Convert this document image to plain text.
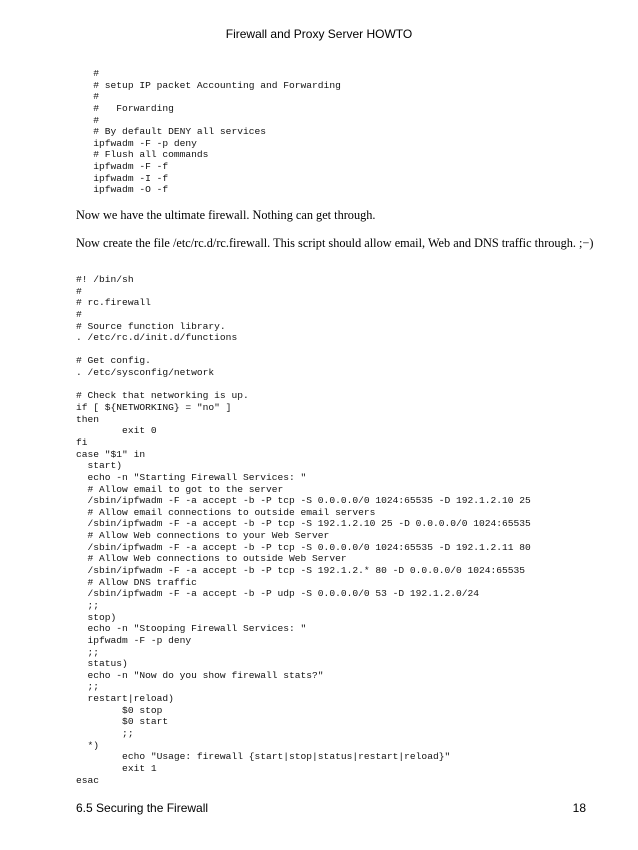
Firewall and Proxy Server HOWTO
#
# setup IP packet Accounting and Forwarding
#
#   Forwarding
#
# By default DENY all services
ipfwadm -F -p deny
# Flush all commands
ipfwadm -F -f
ipfwadm -I -f
ipfwadm -O -f

Now we have the ultimate firewall. Nothing can get through.

Now create the file /etc/rc.d/rc.firewall. This script should allow email, Web and DNS traffic through. ;−)

#! /bin/sh
#
# rc.firewall
#
# Source function library.
. /etc/rc.d/init.d/functions
# Get config.
. /etc/sysconfig/network
# Check that networking is up.
if [ ${NETWORKING} = "no" ]
then
exit 0
fi
case "$1" in
start)
echo -n "Starting Firewall Services: "
# Allow email to got to the server
/sbin/ipfwadm -F -a accept -b -P tcp -S 0.0.0.0/0 1024:65535 -D 192.1.2.10 25
# Allow email connections to outside email servers
/sbin/ipfwadm -F -a accept -b -P tcp -S 192.1.2.10 25 -D 0.0.0.0/0 1024:65535
# Allow Web connections to your Web Server
/sbin/ipfwadm -F -a accept -b -P tcp -S 0.0.0.0/0 1024:65535 -D 192.1.2.11 80
# Allow Web connections to outside Web Server
/sbin/ipfwadm -F -a accept -b -P tcp -S 192.1.2.* 80 -D 0.0.0.0/0 1024:65535
# Allow DNS traffic
/sbin/ipfwadm -F -a accept -b -P udp -S 0.0.0.0/0 53 -D 192.1.2.0/24
;;
stop)
echo -n "Stooping Firewall Services: "
ipfwadm -F -p deny
;;
status)
echo -n "Now do you show firewall stats?"
;;
restart|reload)
$0 stop
$0 start
;;
*)
echo "Usage: firewall {start|stop|status|restart|reload}"
exit 1
esac
6.5 Securing the Firewall	18
